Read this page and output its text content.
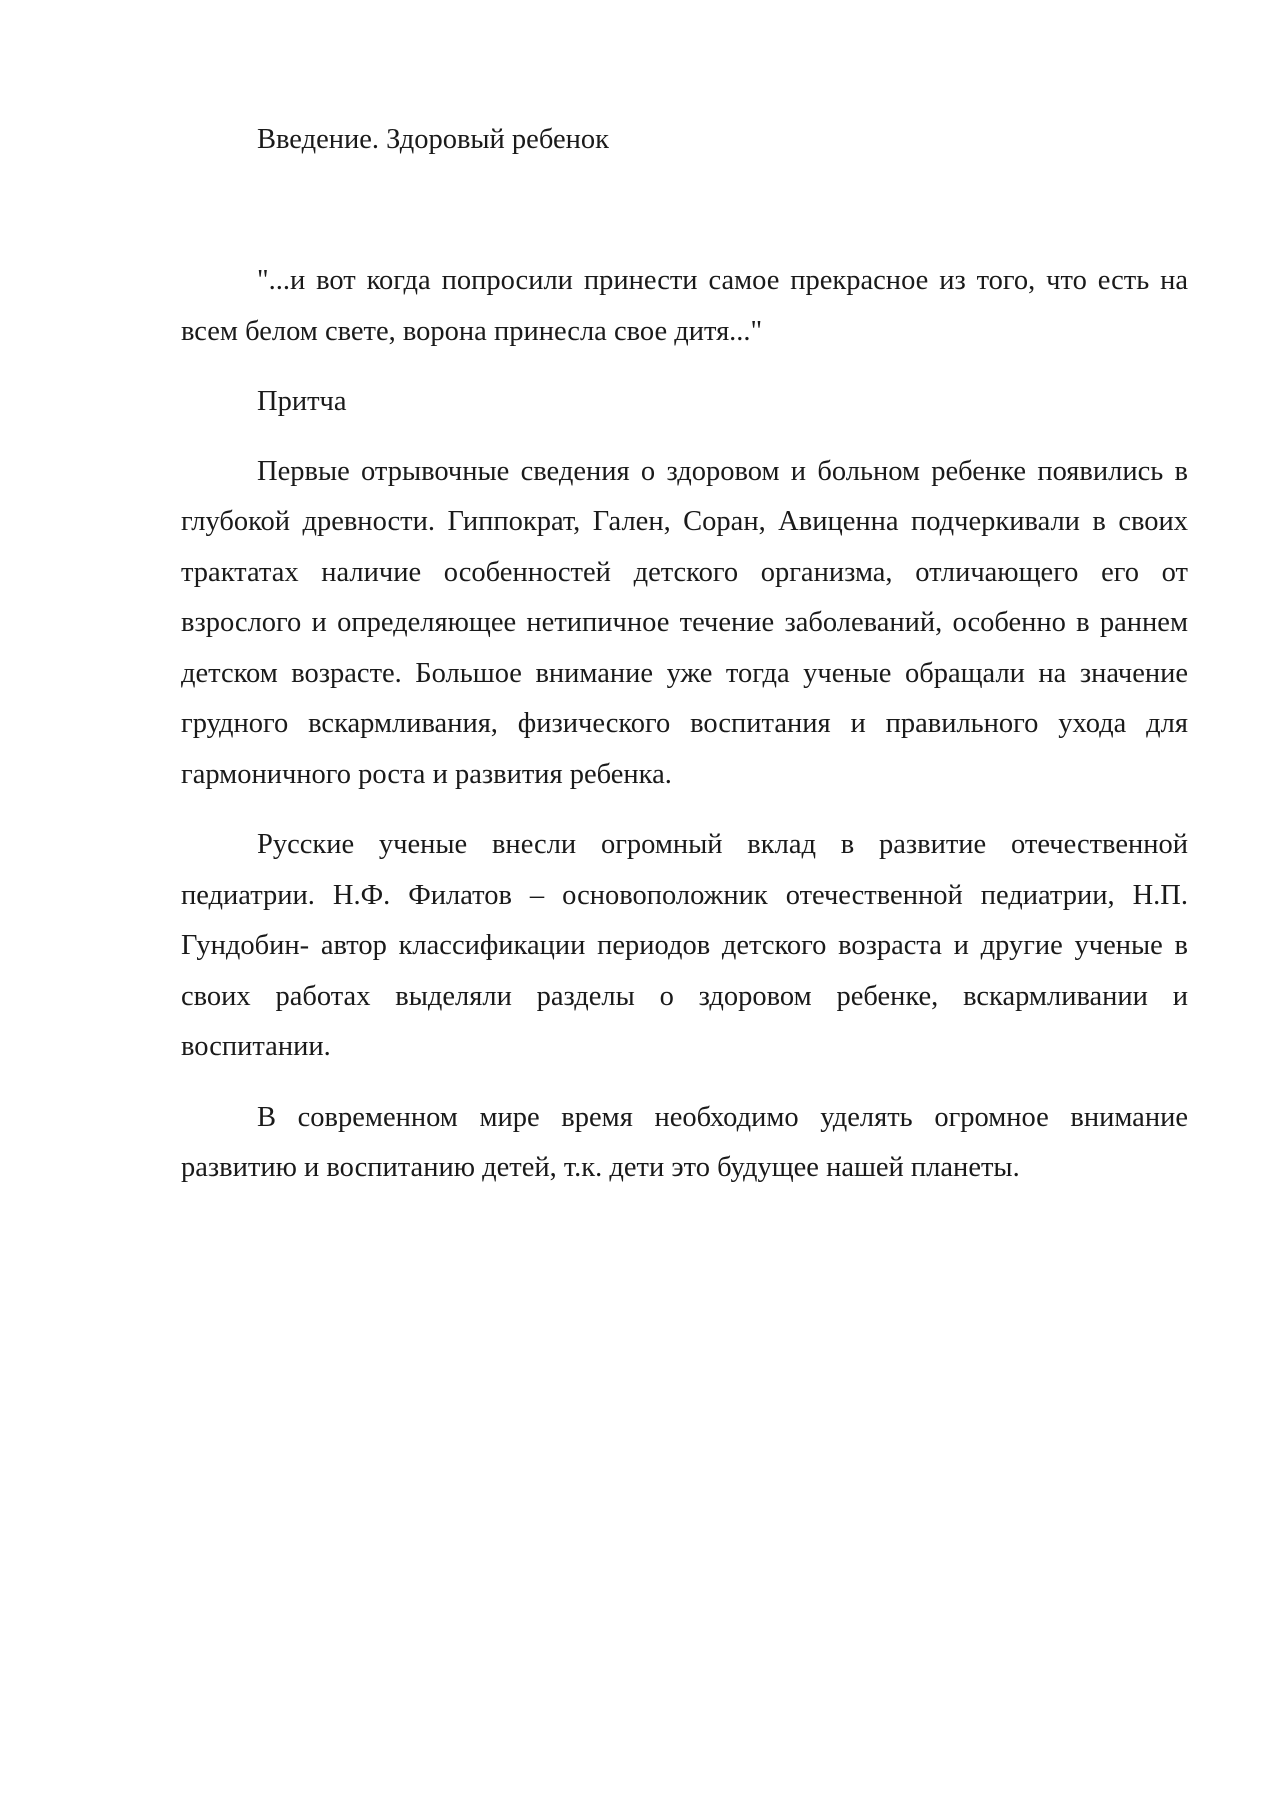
Введение. Здоровый ребенок

"...и вот когда попросили принести самое прекрасное из того, что есть на всем белом свете, ворона принесла свое дитя..."

Притча

Первые отрывочные сведения о здоровом и больном ребенке появились в глубокой древности. Гиппократ, Гален, Соран, Авиценна подчеркивали в своих трактатах наличие особенностей детского организма, отличающего его от взрослого и определяющее нетипичное течение заболеваний, особенно в раннем детском возрасте. Большое внимание уже тогда ученые обращали на значение грудного вскармливания, физического воспитания и правильного ухода для гармоничного роста и развития ребенка.

Русские ученые внесли огромный вклад в развитие отечественной педиатрии. Н.Ф. Филатов – основоположник отечественной педиатрии, Н.П. Гундобин- автор классификации периодов детского возраста и другие ученые в своих работах выделяли разделы о здоровом ребенке, вскармливании и воспитании.

В современном мире время необходимо уделять огромное внимание развитию и воспитанию детей, т.к. дети это будущее нашей планеты.
